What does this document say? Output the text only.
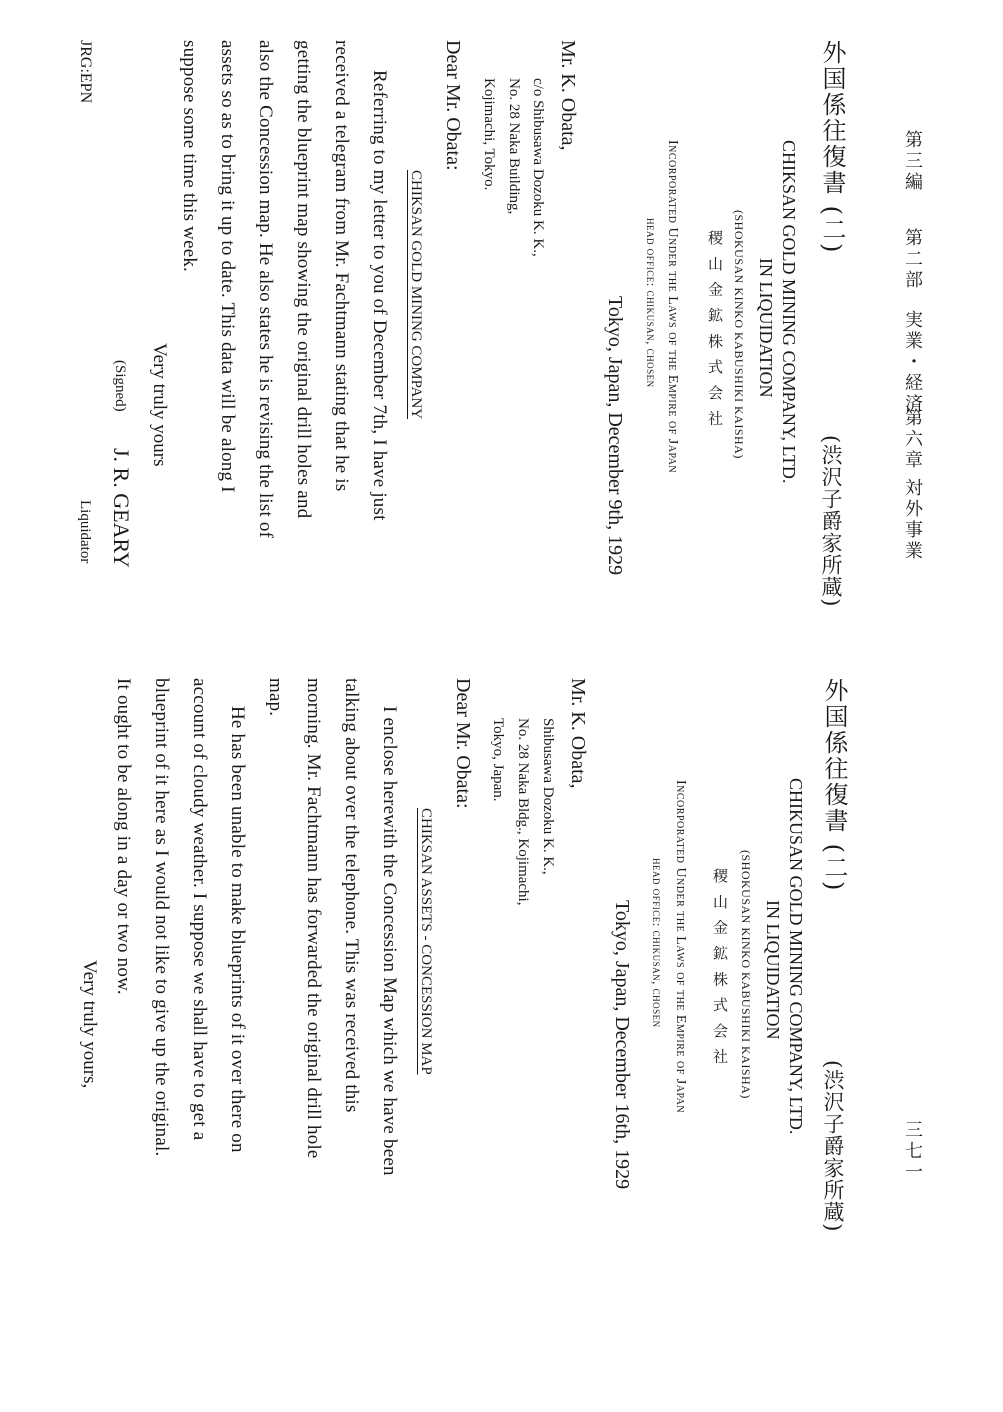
第三編
第二部
実業・経済
第六章
対外事業
三七一
外国係往復書 (二)
(渋沢子爵家所蔵)
CHIKSAN GOLD MINING COMPANY, LTD.
IN LIQUIDATION
(SHOKUSAN KINKO KABUSHIKI KAISHA)
稷 山 金 鉱 株 式 会 社
Incorporated Under the Laws of the Empire of Japan
head office: chikusan, chosen
Tokyo, Japan, December 9th, 1929
Mr. K. Obata,
c/o Shibusawa Dozoku K. K.,
No. 28 Naka Building,
Kojimachi, Tokyo.
Dear Mr. Obata:
CHIKSAN GOLD MINING COMPANY
Referring to my letter to you of December 7th, I have just
received a telegram from Mr. Fachtmann stating that he is
getting the blueprint map showing the original drill holes and
also the Concession map. He also states he is revising the list of
assets so as to bring it up to date. This data will be along I
suppose some time this week.
Very truly yours
(Signed)
J. R. GEARY
JRG:EPN
Liquidator
外国係往復書 (二)
(渋沢子爵家所蔵)
CHIKUSAN GOLD MINING COMPANY, LTD.
IN LIQUIDATION
(SHOKUSAN KINKO KABUSHIKI KAISHA)
稷 山 金 鉱 株 式 会 社
Incorporated Under the Laws of the Empire of Japan
head office: chikusan, chosen
Tokyo, Japan, December 16th, 1929
Mr. K. Obata,
Shibusawa Dozoku K. K.,
No. 28 Naka Bldg., Kojimachi,
Tokyo, Japan.
Dear Mr. Obata:
CHIKSAN ASSETS - CONCESSION MAP
I enclose herewith the Concession Map which we have been
talking about over the telephone. This was received this
morning. Mr. Fachtmann has forwarded the original drill hole
map.
He has been unable to make blueprints of it over there on
account of cloudy weather. I suppose we shall have to get a
blueprint of it here as I would not like to give up the original.
It ought to be along in a day or two now.
Very truly yours,
